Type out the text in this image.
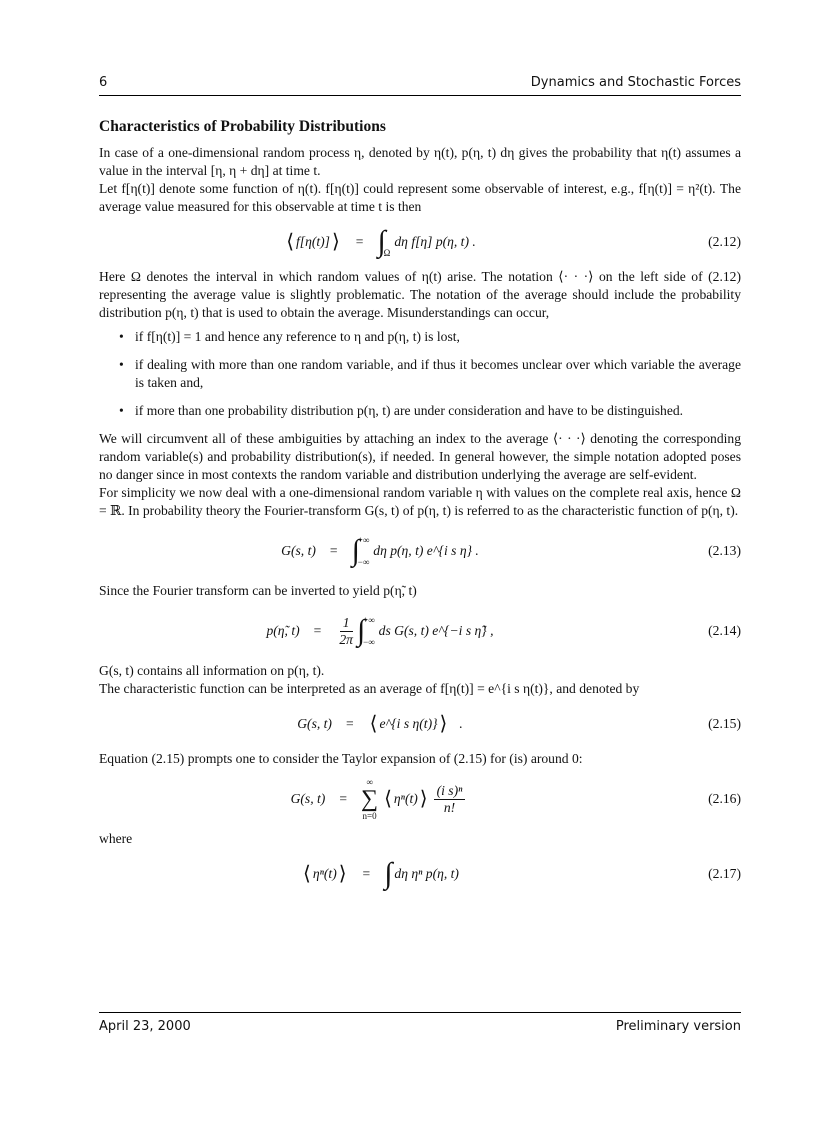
6	Dynamics and Stochastic Forces
Characteristics of Probability Distributions

In case of a one-dimensional random process η, denoted by η(t), p(η, t) dη gives the probability that η(t) assumes a value in the interval [η, η + dη] at time t.

Let f[η(t)] denote some function of η(t). f[η(t)] could represent some observable of interest, e.g., f[η(t)] = η²(t). The average value measured for this observable at time t is then

⟨ f[η(t)] ⟩ = ∫
Ω
dη f[η] p(η, t) .	(2.12)

Here Ω denotes the interval in which random values of η(t) arise. The notation ⟨· · ·⟩ on the left side of (2.12) representing the average value is slightly problematic. The notation of the average should include the probability distribution p(η, t) that is used to obtain the average. Misunderstandings can occur,

• if f[η(t)] = 1 and hence any reference to η and p(η, t) is lost,
• if dealing with more than one random variable, and if thus it becomes unclear over which variable the average is taken and,
• if more than one probability distribution p(η, t) are under consideration and have to be distinguished.

We will circumvent all of these ambiguities by attaching an index to the average ⟨· · ·⟩ denoting the corresponding random variable(s) and probability distribution(s), if needed. In general however, the simple notation adopted poses no danger since in most contexts the random variable and distribution underlying the average are self-evident.

For simplicity we now deal with a one-dimensional random variable η with values on the complete real axis, hence Ω = ℝ. In probability theory the Fourier-transform G(s, t) of p(η, t) is referred to as the characteristic function of p(η, t).

G(s, t) = ∫
+∞
−∞
dη p(η, t) e^{i s η} .	(2.13)

Since the Fourier transform can be inverted to yield p(η̃, t)

p(η̃, $t) = \frac{1}{2\pi}$ ∫
+∞
−∞
ds G(s, t) e^{−i s η̃} ,	(2.14)

G(s, t) contains all information on p(η, t).

The characteristic function can be interpreted as an average of f[η(t)] = e^{i s η(t)}, and denoted by

G(s, t) = ⟨ e^{i s η(t)} ⟩ .	(2.15)

Equation (2.15) prompts one to consider the Taylor expansion of (2.15) for (is) around 0:

G(s, t) =
∞
∑
n=0
⟨ ηⁿ(t) ⟩ $\frac{\text{(i s)ⁿ}}{n!}$	(2.16)

where

⟨ ηⁿ(t) ⟩ = ∫ dη ηⁿ p(η, t)	(2.17)
April 23, 2000	Preliminary version
